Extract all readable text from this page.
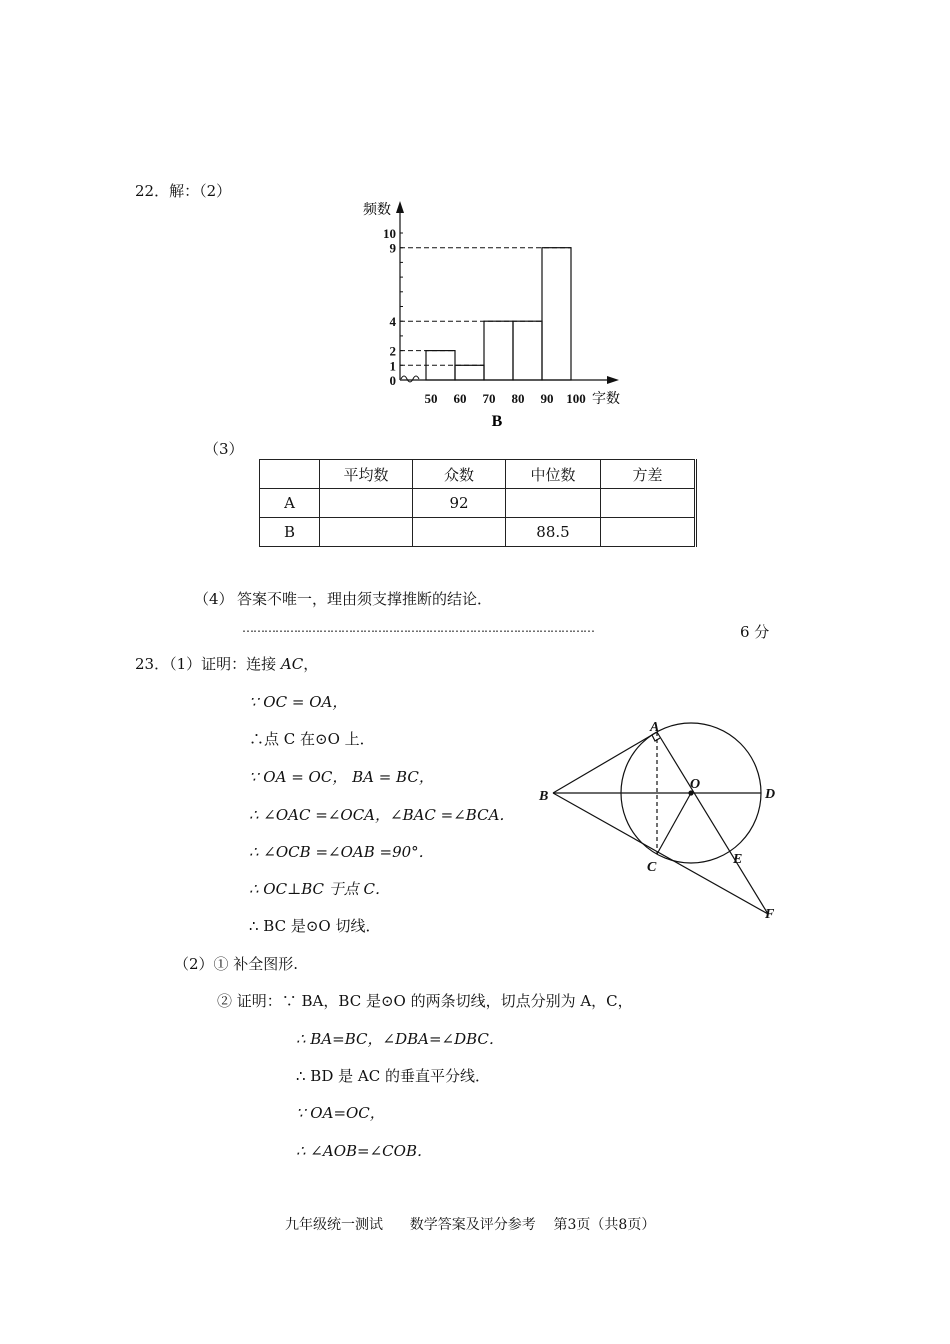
22．解：（2）
0
1
2
4
9
10
50 60 70 80 90 100
频数
字数
B
（3）
	平均数	众数	中位数	方差
A		92		
B			88.5	
（4） 答案不唯一，理由须支撑推断的结论．
……………………………………………………………………………………	6 分
23．（1）证明：连接 AC，
∵ OC = OA，
∴点 C 在⊙O 上．
∵ OA = OC， BA = BC，
∴ ∠OAC =∠OCA，∠BAC =∠BCA．
∴ ∠OCB =∠OAB =90°．
∴ OC⊥BC 于点 C．
∴ BC 是⊙O 切线．
（2）① 补全图形.
② 证明：∵ BA，BC 是⊙O 的两条切线，切点分别为 A，C，
∴ BA=BC，∠DBA=∠DBC．
∴ BD 是 AC 的垂直平分线．
∵ OA=OC，
∴ ∠AOB=∠COB．
A
O
B	D
C
E
F
九年级统一测试      数学答案及评分参考    第3页（共8页）
